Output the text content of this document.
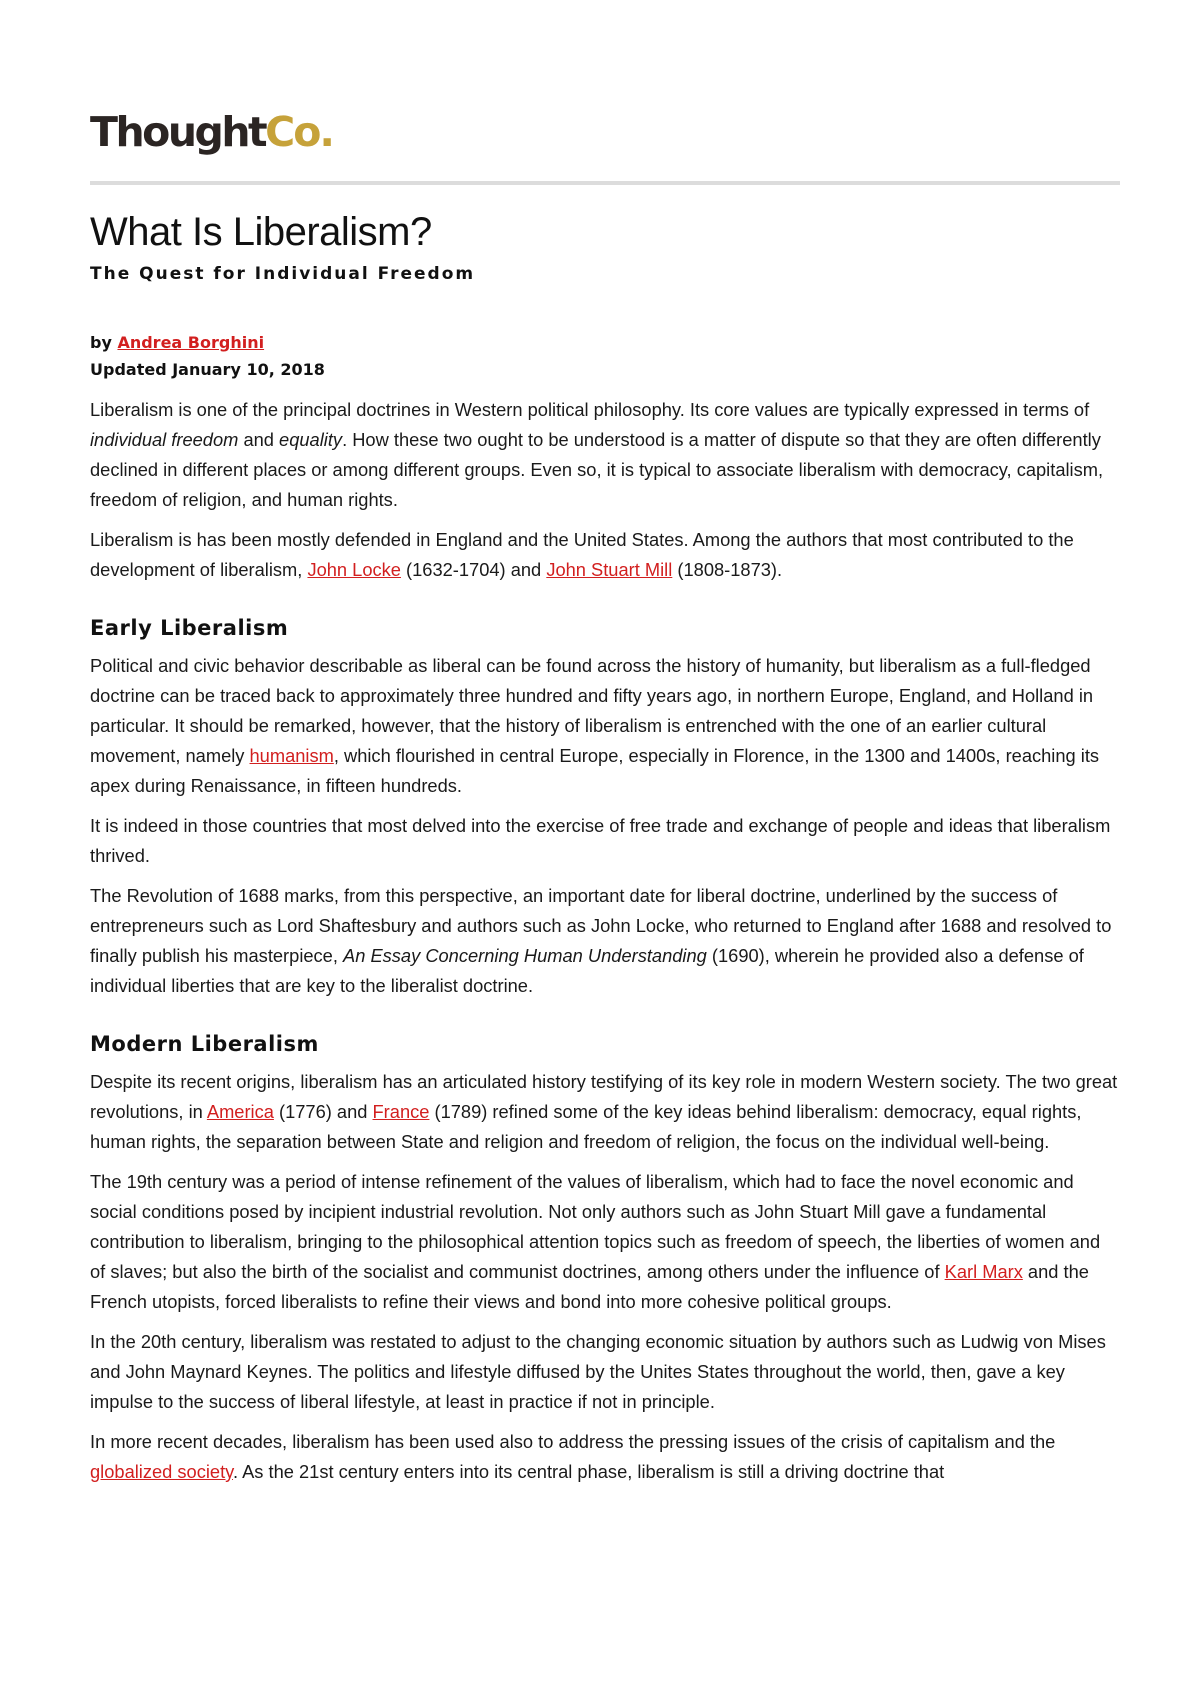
ThoughtCo.
What Is Liberalism?
The Quest for Individual Freedom
by Andrea Borghini
Updated January 10, 2018

Liberalism is one of the principal doctrines in Western political philosophy. Its core values are typically expressed in terms of individual freedom and equality. How these two ought to be understood is a matter of dispute so that they are often differently declined in different places or among different groups. Even so, it is typical to associate liberalism with democracy, capitalism, freedom of religion, and human rights.

Liberalism is has been mostly defended in England and the United States. Among the authors that most contributed to the development of liberalism, John Locke (1632-1704) and John Stuart Mill (1808-1873).

Early Liberalism

Political and civic behavior describable as liberal can be found across the history of humanity, but liberalism as a full-fledged doctrine can be traced back to approximately three hundred and fifty years ago, in northern Europe, England, and Holland in particular. It should be remarked, however, that the history of liberalism is entrenched with the one of an earlier cultural movement, namely humanism, which flourished in central Europe, especially in Florence, in the 1300 and 1400s, reaching its apex during Renaissance, in fifteen hundreds.

It is indeed in those countries that most delved into the exercise of free trade and exchange of people and ideas that liberalism thrived.

The Revolution of 1688 marks, from this perspective, an important date for liberal doctrine, underlined by the success of entrepreneurs such as Lord Shaftesbury and authors such as John Locke, who returned to England after 1688 and resolved to finally publish his masterpiece, An Essay Concerning Human Understanding (1690), wherein he provided also a defense of individual liberties that are key to the liberalist doctrine.

Modern Liberalism

Despite its recent origins, liberalism has an articulated history testifying of its key role in modern Western society. The two great revolutions, in America (1776) and France (1789) refined some of the key ideas behind liberalism: democracy, equal rights, human rights, the separation between State and religion and freedom of religion, the focus on the individual well-being.

The 19th century was a period of intense refinement of the values of liberalism, which had to face the novel economic and social conditions posed by incipient industrial revolution. Not only authors such as John Stuart Mill gave a fundamental contribution to liberalism, bringing to the philosophical attention topics such as freedom of speech, the liberties of women and of slaves; but also the birth of the socialist and communist doctrines, among others under the influence of Karl Marx and the French utopists, forced liberalists to refine their views and bond into more cohesive political groups.

In the 20th century, liberalism was restated to adjust to the changing economic situation by authors such as Ludwig von Mises and John Maynard Keynes. The politics and lifestyle diffused by the Unites States throughout the world, then, gave a key impulse to the success of liberal lifestyle, at least in practice if not in principle.

In more recent decades, liberalism has been used also to address the pressing issues of the crisis of capitalism and the globalized society. As the 21st century enters into its central phase, liberalism is still a driving doctrine that
